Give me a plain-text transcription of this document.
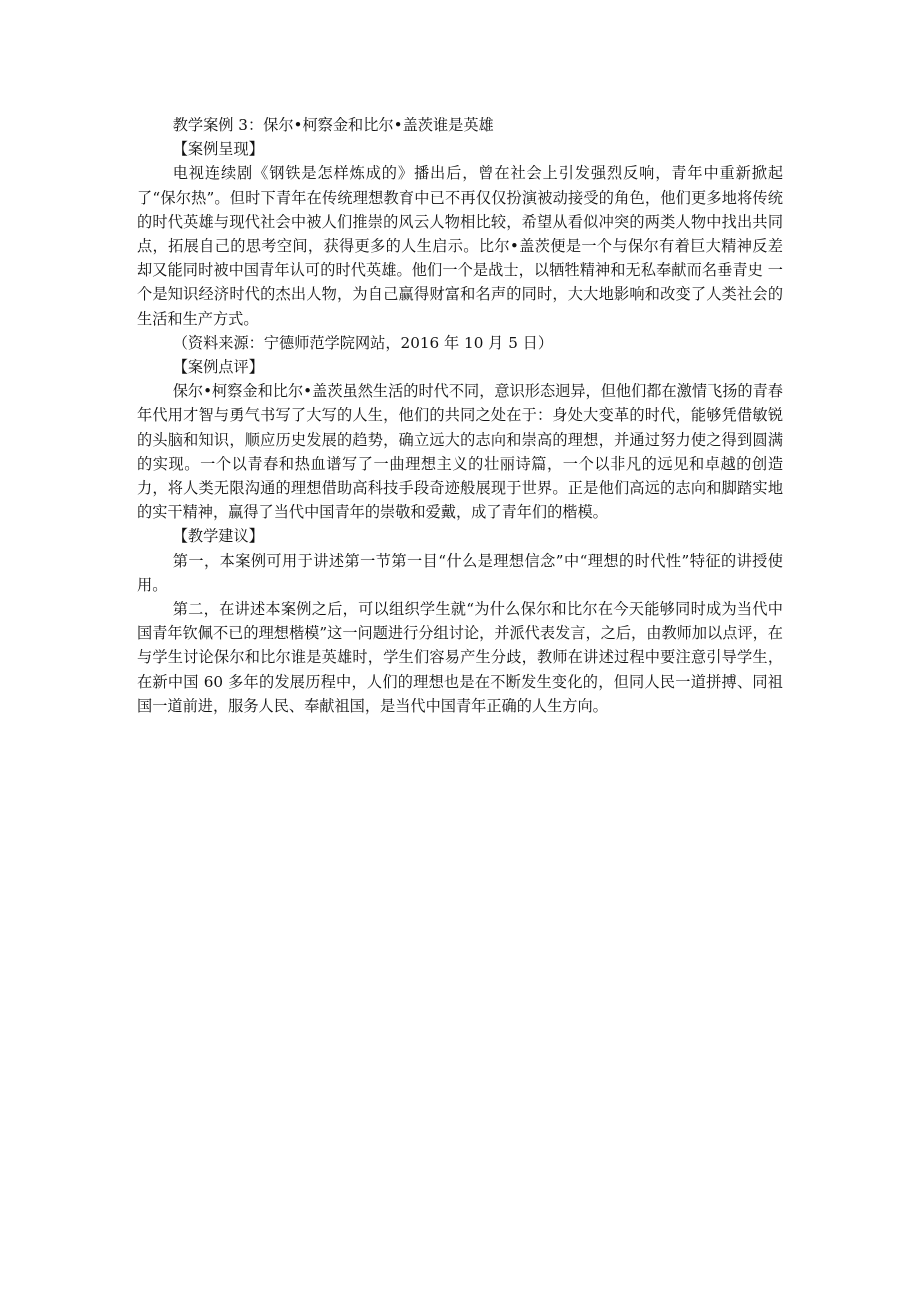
教学案例 3：保尔•柯察金和比尔•盖茨谁是英雄

【案例呈现】

电视连续剧《钢铁是怎样炼成的》播出后，曾在社会上引发强烈反响，青年中重新掀起了“保尔热”。但时下青年在传统理想教育中已不再仅仅扮演被动接受的角色，他们更多地将传统的时代英雄与现代社会中被人们推崇的风云人物相比较，希望从看似冲突的两类人物中找出共同点，拓展自己的思考空间，获得更多的人生启示。比尔•盖茨便是一个与保尔有着巨大精神反差却又能同时被中国青年认可的时代英雄。他们一个是战士，以牺牲精神和无私奉献而名垂青史 一个是知识经济时代的杰出人物，为自己赢得财富和名声的同时，大大地影响和改变了人类社会的生活和生产方式。

（资料来源：宁德师范学院网站，2016 年 10 月 5 日）

【案例点评】

保尔•柯察金和比尔•盖茨虽然生活的时代不同，意识形态迥异，但他们都在激情飞扬的青春年代用才智与勇气书写了大写的人生，他们的共同之处在于：身处大变革的时代，能够凭借敏锐的头脑和知识，顺应历史发展的趋势，确立远大的志向和崇高的理想，并通过努力使之得到圆满的实现。一个以青春和热血谱写了一曲理想主义的壮丽诗篇，一个以非凡的远见和卓越的创造力，将人类无限沟通的理想借助高科技手段奇迹般展现于世界。正是他们高远的志向和脚踏实地的实干精神，赢得了当代中国青年的崇敬和爱戴，成了青年们的楷模。

【教学建议】

第一，本案例可用于讲述第一节第一目“什么是理想信念”中“理想的时代性”特征的讲授使用。

第二，在讲述本案例之后，可以组织学生就“为什么保尔和比尔在今天能够同时成为当代中国青年钦佩不已的理想楷模”这一问题进行分组讨论，并派代表发言，之后，由教师加以点评，在与学生讨论保尔和比尔谁是英雄时，学生们容易产生分歧，教师在讲述过程中要注意引导学生，在新中国 60 多年的发展历程中，人们的理想也是在不断发生变化的，但同人民一道拼搏、同祖国一道前进，服务人民、奉献祖国，是当代中国青年正确的人生方向。
